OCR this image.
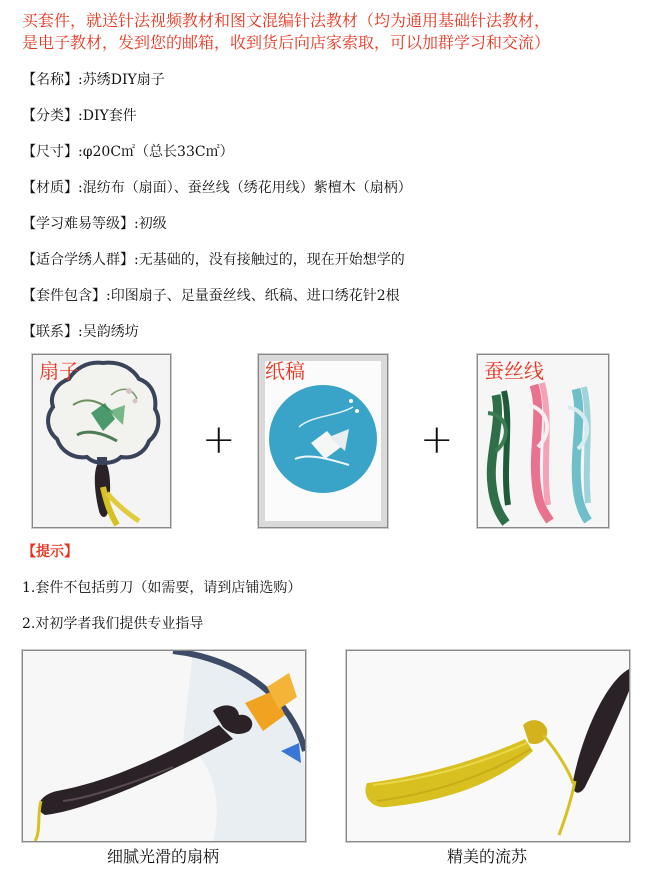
买套件，就送针法视频教材和图文混编针法教材（均为通用基础针法教材，
是电子教材，发到您的邮箱，收到货后向店家索取，可以加群学习和交流）
【名称】:苏绣DIY扇子
【分类】:DIY套件
【尺寸】:φ20C㎡（总长33C㎡）
【材质】:混纺布（扇面）、蚕丝线（绣花用线）紫檀木（扇柄）
【学习难易等级】:初级
【适合学绣人群】:无基础的，没有接触过的，现在开始想学的
【套件包含】:印图扇子、足量蚕丝线、纸稿、进口绣花针2根
【联系】:吴韵绣坊
扇子
+
纸稿
+
蚕丝线
【提示】
1.套件不包括剪刀（如需要，请到店铺选购）
2.对初学者我们提供专业指导
细腻光滑的扇柄	精美的流苏
